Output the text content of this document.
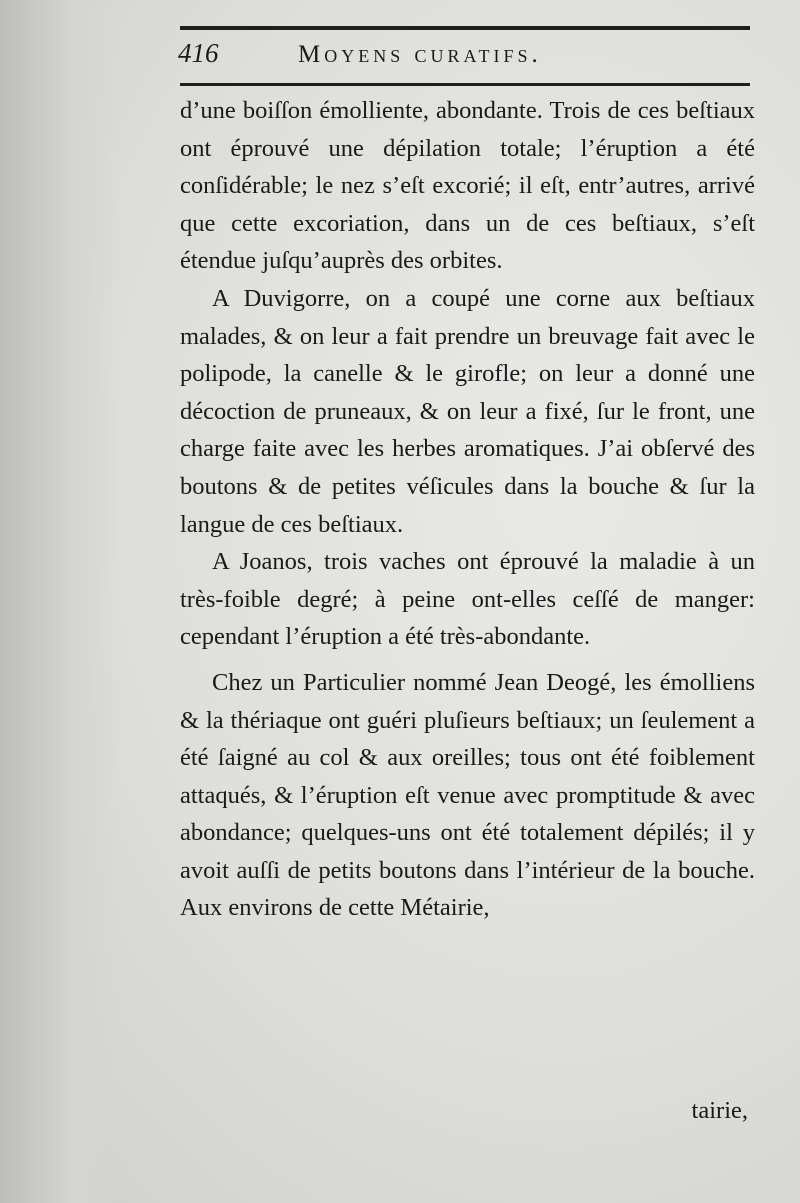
416	Moyens curatifs.

d’une boiſſon émolliente, abondante. Trois de ces beſtiaux ont éprouvé une dépilation totale; l’éruption a été conſidérable; le nez s’eſt excorié; il eſt, entr’autres, arrivé que cette excoriation, dans un de ces beſtiaux, s’eſt étendue juſqu’auprès des orbites.

A Duvigorre, on a coupé une corne aux beſtiaux malades, & on leur a fait prendre un breuvage fait avec le polipode, la canelle & le girofle; on leur a donné une décoction de pruneaux, & on leur a fixé, ſur le front, une charge faite avec les herbes aromatiques. J’ai obſervé des boutons & de petites véſicules dans la bouche & ſur la langue de ces beſtiaux.

A Joanos, trois vaches ont éprouvé la maladie à un très-foible degré; à peine ont-elles ceſſé de manger: cependant l’éruption a été très-abondante.

Chez un Particulier nommé Jean Deogé, les émolliens & la thériaque ont guéri pluſieurs beſtiaux; un ſeulement a été ſaigné au col & aux oreilles; tous ont été foiblement attaqués, & l’éruption eſt venue avec promptitude & avec abondance; quelques-uns ont été totalement dépilés; il y avoit auſſi de petits boutons dans l’intérieur de la bouche. Aux environs de cette Métairie,

tairie,
